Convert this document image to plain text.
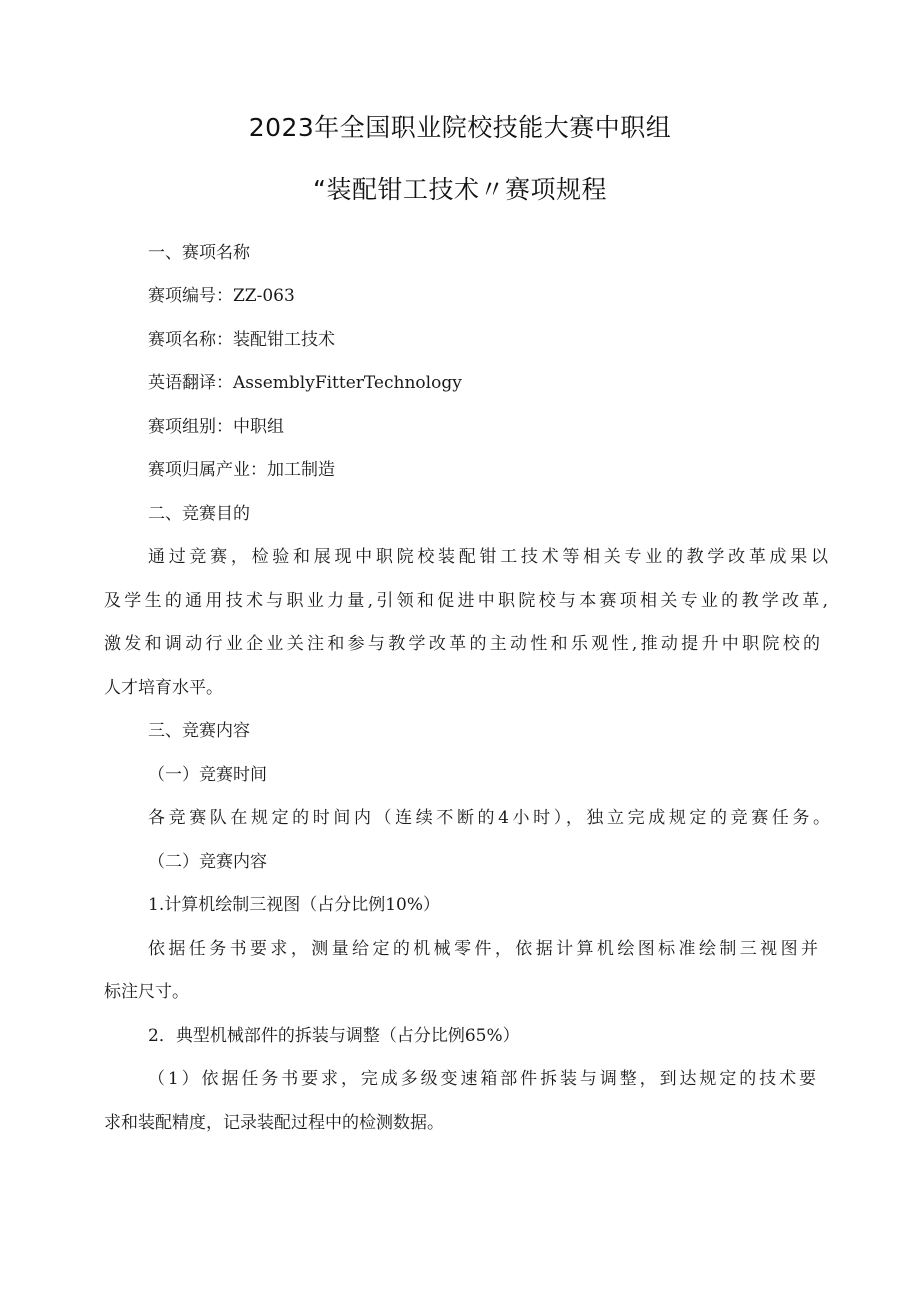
2023年全国职业院校技能大赛中职组
“装配钳工技术〃赛项规程
一、赛项名称
赛项编号：ZZ-063
赛项名称：装配钳工技术
英语翻译：AssemblyFitterTechnology
赛项组别：中职组
赛项归属产业：加工制造
二、竞赛目的
通过竞赛，检验和展现中职院校装配钳工技术等相关专业的教学改革成果以
及学生的通用技术与职业力量,引领和促进中职院校与本赛项相关专业的教学改革,
激发和调动行业企业关注和参与教学改革的主动性和乐观性,推动提升中职院校的
人才培育水平。
三、竞赛内容
（一）竞赛时间
各竞赛队在规定的时间内（连续不断的4小时），独立完成规定的竞赛任务。
（二）竞赛内容
1.计算机绘制三视图（占分比例10%）
依据任务书要求，测量给定的机械零件，依据计算机绘图标准绘制三视图并
标注尺寸。
2．典型机械部件的拆装与调整（占分比例65%）
（1）依据任务书要求，完成多级变速箱部件拆装与调整，到达规定的技术要
求和装配精度，记录装配过程中的检测数据。
